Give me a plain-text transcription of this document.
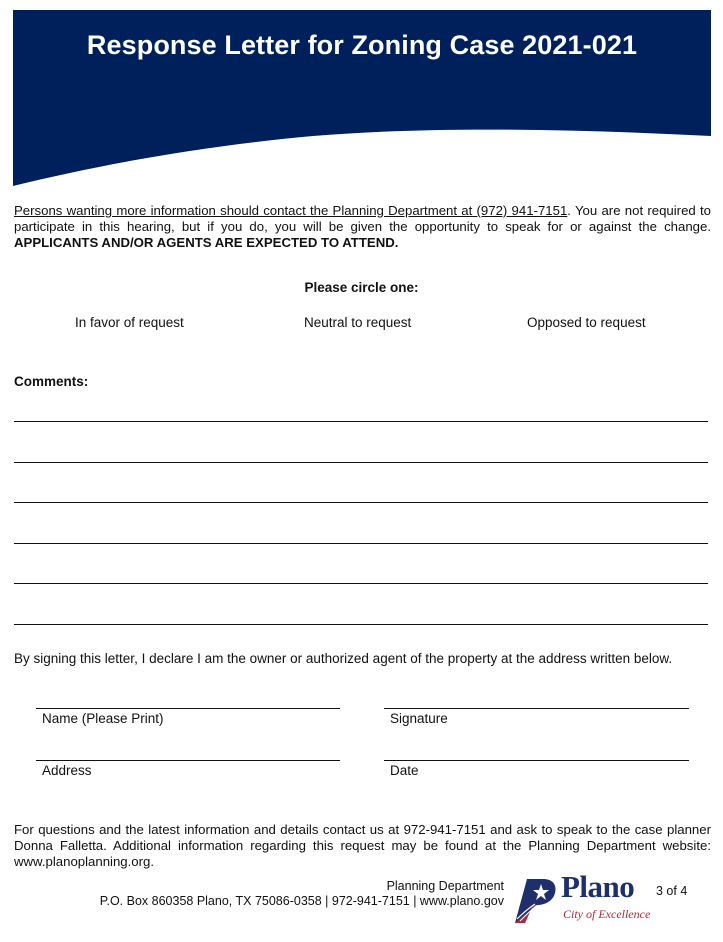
Response Letter for Zoning Case 2021-021
Persons wanting more information should contact the Planning Department at (972) 941-7151. You are not required to participate in this hearing, but if you do, you will be given the opportunity to speak for or against the change. APPLICANTS AND/OR AGENTS ARE EXPECTED TO ATTEND.
Please circle one:
In favor of request	Neutral to request	Opposed to request
Comments:
By signing this letter, I declare I am the owner or authorized agent of the property at the address written below.
Name (Please Print)	Signature
Address	Date
For questions and the latest information and details contact us at 972-941-7151 and ask to speak to the case planner Donna Falletta. Additional information regarding this request may be found at the Planning Department website: www.planoplanning.org.
Planning Department
P.O. Box 860358 Plano, TX 75086-0358 | 972-941-7151 | www.plano.gov Plano
City of Excellence
3 of 4
